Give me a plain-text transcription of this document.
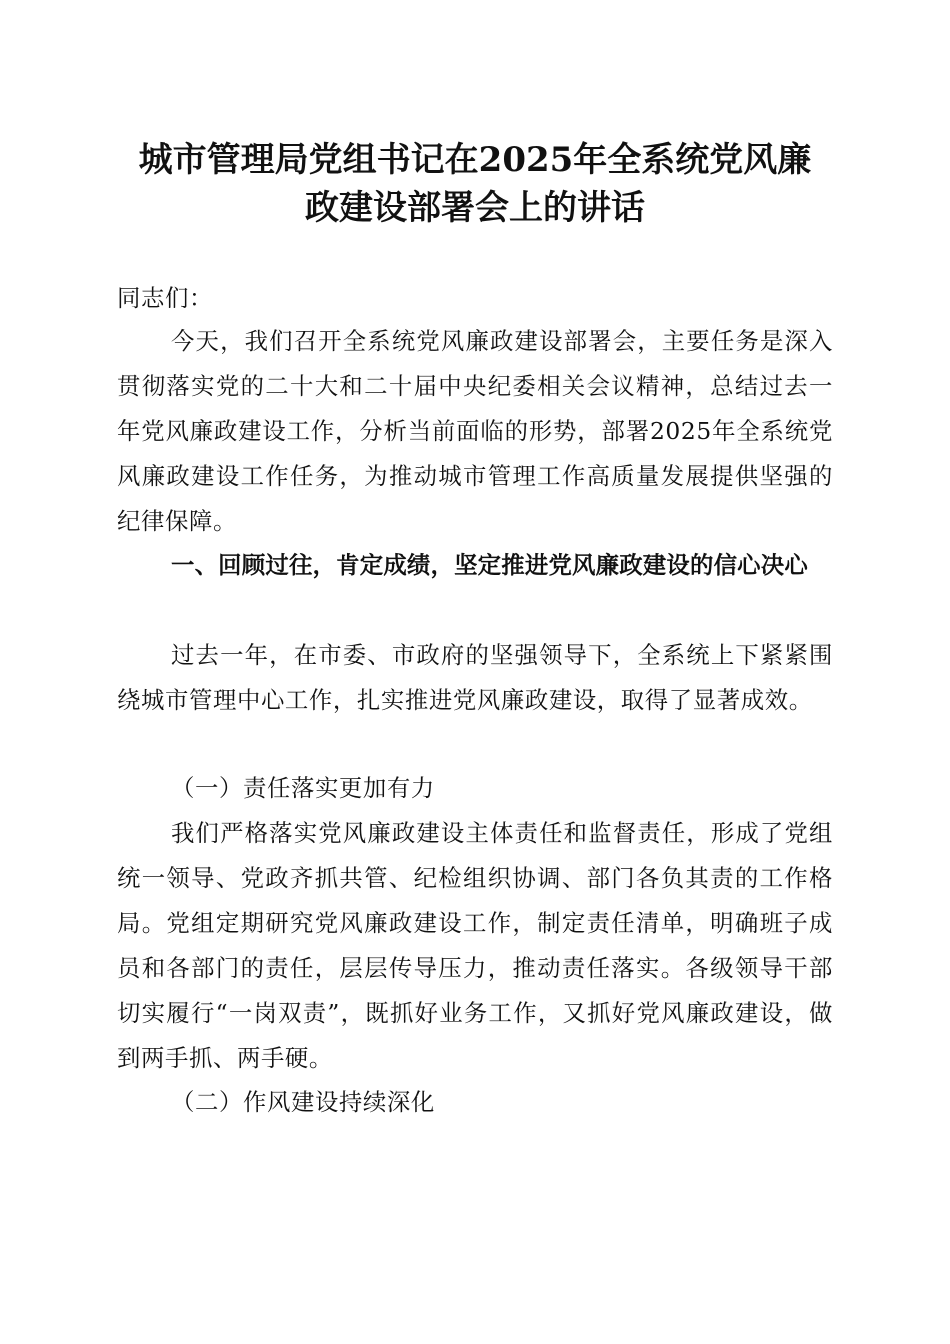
城市管理局党组书记在2025年全系统党风廉
政建设部署会上的讲话

同志们：

今天，我们召开全系统党风廉政建设部署会，主要任务是深入贯彻落实党的二十大和二十届中央纪委相关会议精神，总结过去一年党风廉政建设工作，分析当前面临的形势，部署2025年全系统党风廉政建设工作任务，为推动城市管理工作高质量发展提供坚强的纪律保障。

一、回顾过往，肯定成绩，坚定推进党风廉政建设的信心决心

过去一年，在市委、市政府的坚强领导下，全系统上下紧紧围绕城市管理中心工作，扎实推进党风廉政建设，取得了显著成效。

（一）责任落实更加有力

我们严格落实党风廉政建设主体责任和监督责任，形成了党组统一领导、党政齐抓共管、纪检组织协调、部门各负其责的工作格局。党组定期研究党风廉政建设工作，制定责任清单，明确班子成员和各部门的责任，层层传导压力，推动责任落实。各级领导干部切实履行“一岗双责”，既抓好业务工作，又抓好党风廉政建设，做到两手抓、两手硬。

（二）作风建设持续深化
